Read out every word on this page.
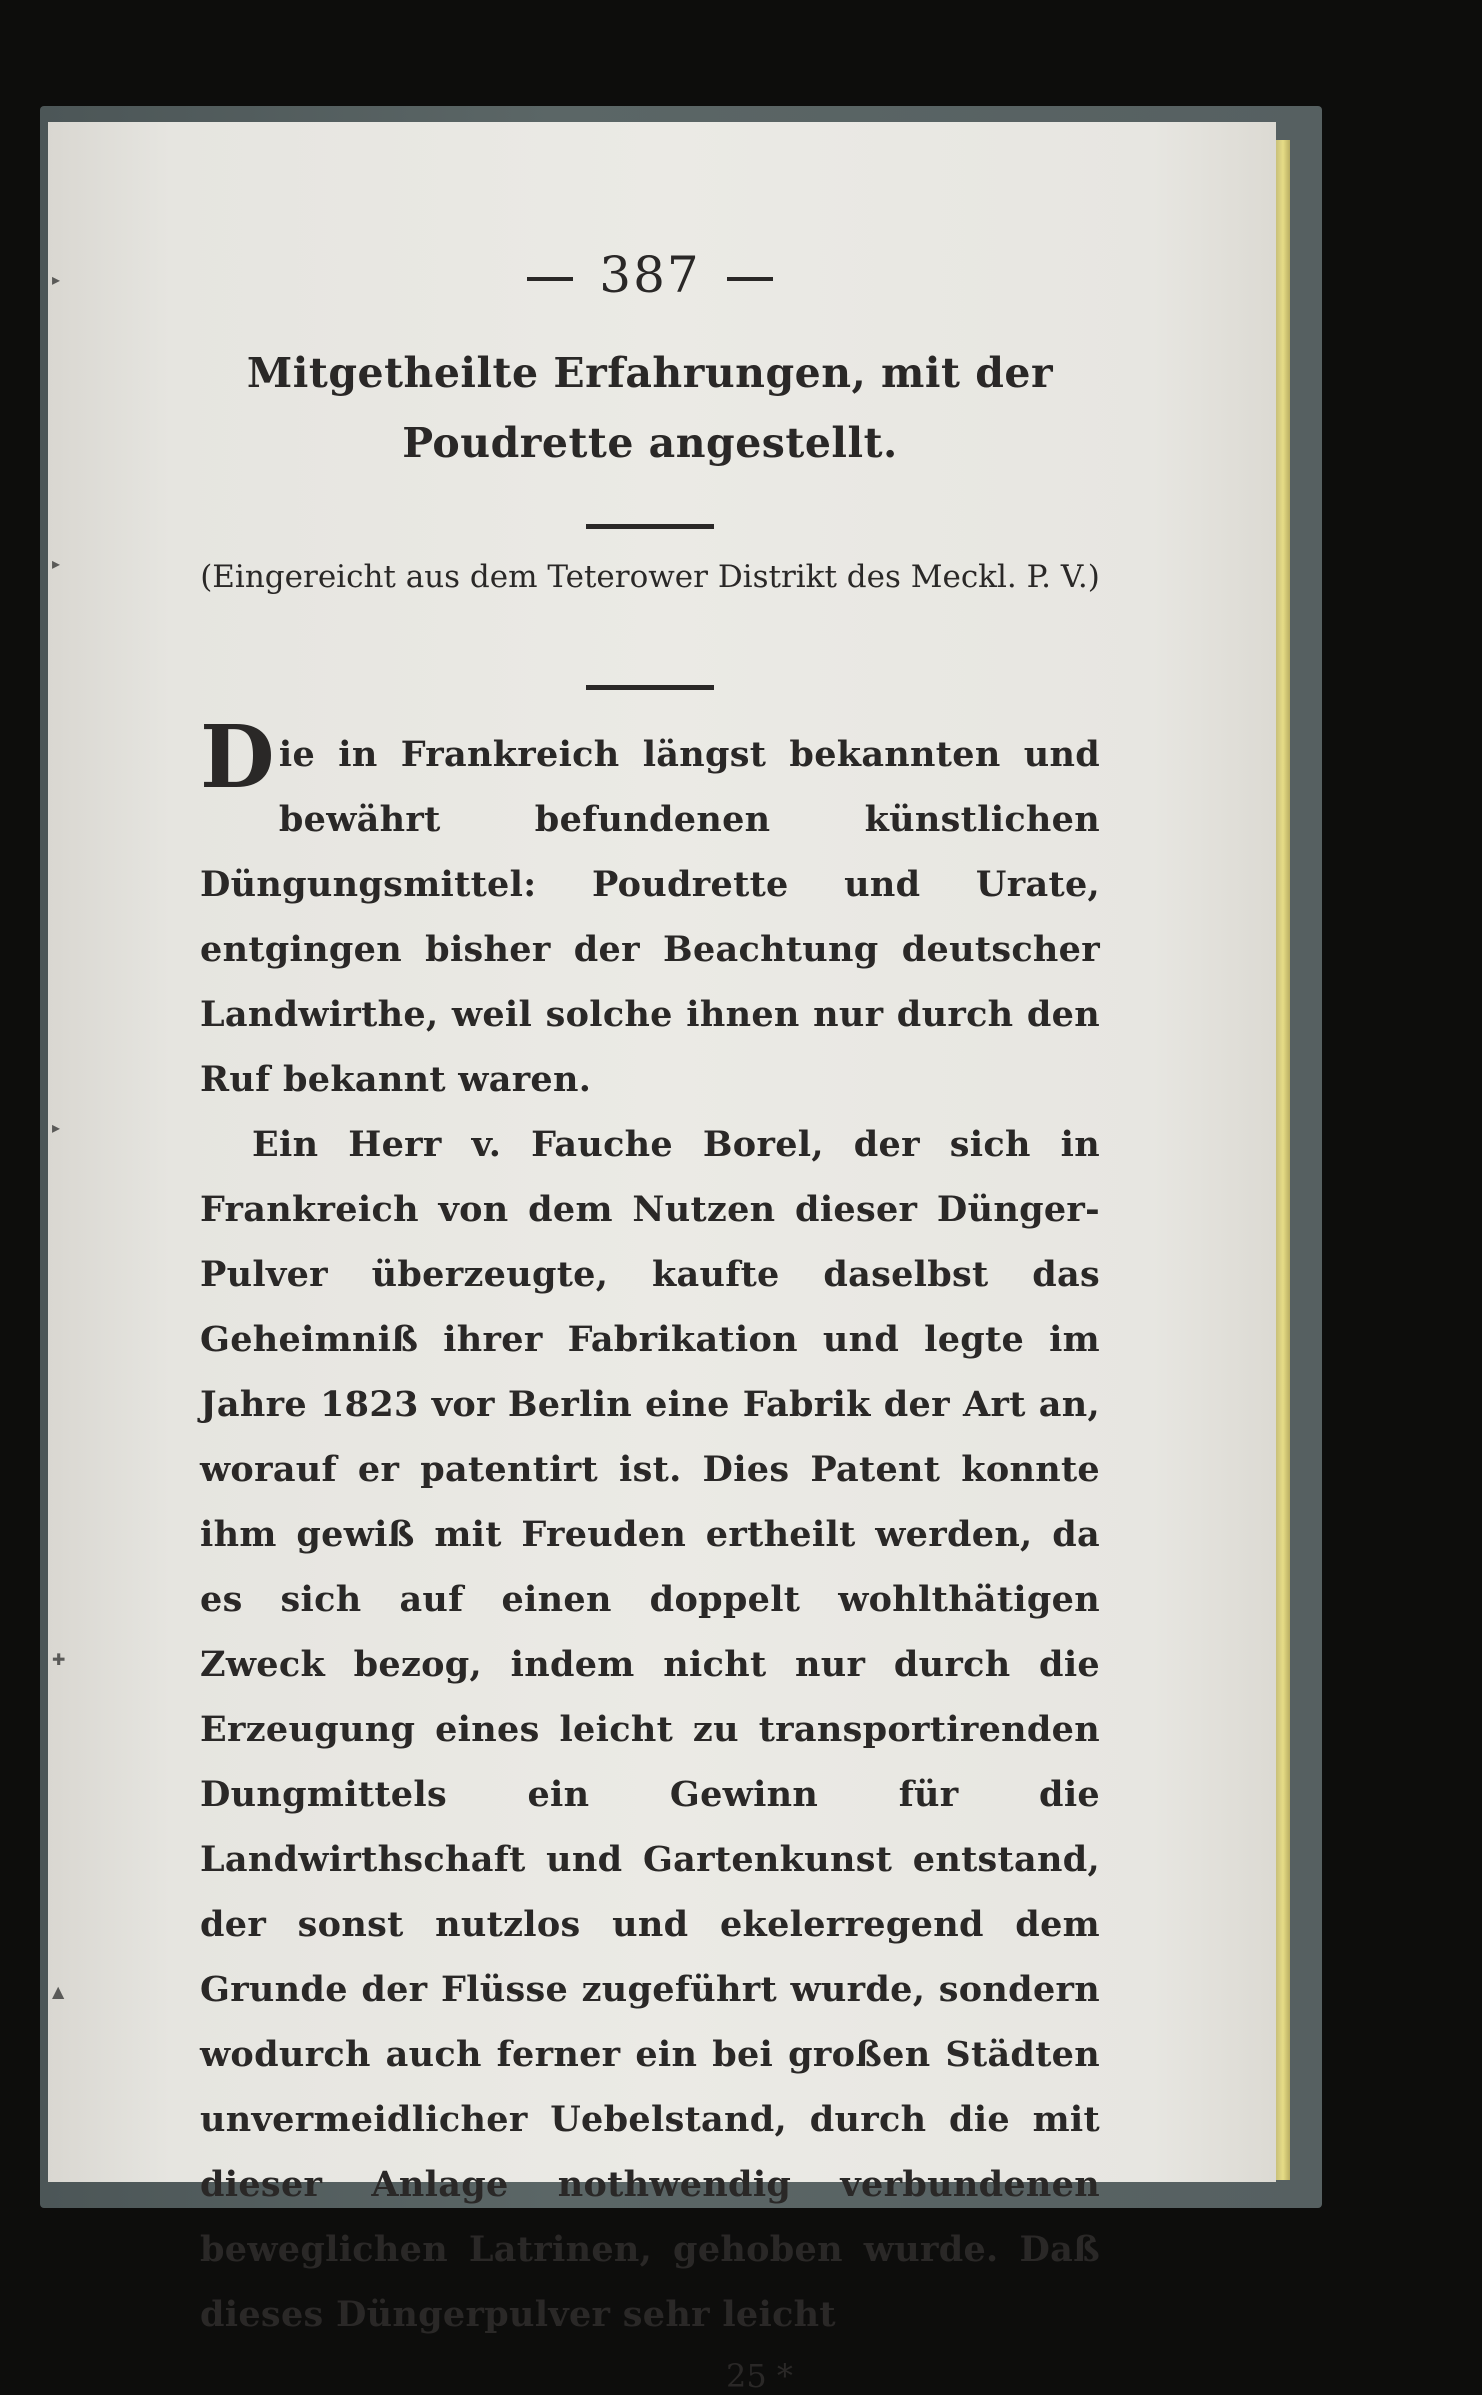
▸
▸
▸
✚
▲
387
Mitgetheilte Erfahrungen, mit der Poudrette angestellt.
(Eingereicht aus dem Teterower Distrikt des Meckl. P. V.)
Die in Frankreich längst bekannten und bewährt befundenen künstlichen Düngungsmittel: Poudrette und Urate, entgingen bisher der Beachtung deutscher Landwirthe, weil solche ihnen nur durch den Ruf bekannt waren.
Ein Herr v. Fauche Borel, der sich in Frankreich von dem Nutzen dieser Dünger-Pulver überzeugte, kaufte daselbst das Geheimniß ihrer Fabrikation und legte im Jahre 1823 vor Berlin eine Fabrik der Art an, worauf er patentirt ist. Dies Patent konnte ihm gewiß mit Freuden ertheilt werden, da es sich auf einen doppelt wohlthätigen Zweck bezog, indem nicht nur durch die Erzeugung eines leicht zu transportirenden Dungmittels ein Gewinn für die Landwirthschaft und Gartenkunst entstand, der sonst nutzlos und ekelerregend dem Grunde der Flüsse zugeführt wurde, sondern wodurch auch ferner ein bei großen Städten unvermeidlicher Uebelstand, durch die mit dieser Anlage nothwendig verbundenen beweglichen Latrinen, gehoben wurde. Daß dieses Düngerpulver sehr leicht
25 *
